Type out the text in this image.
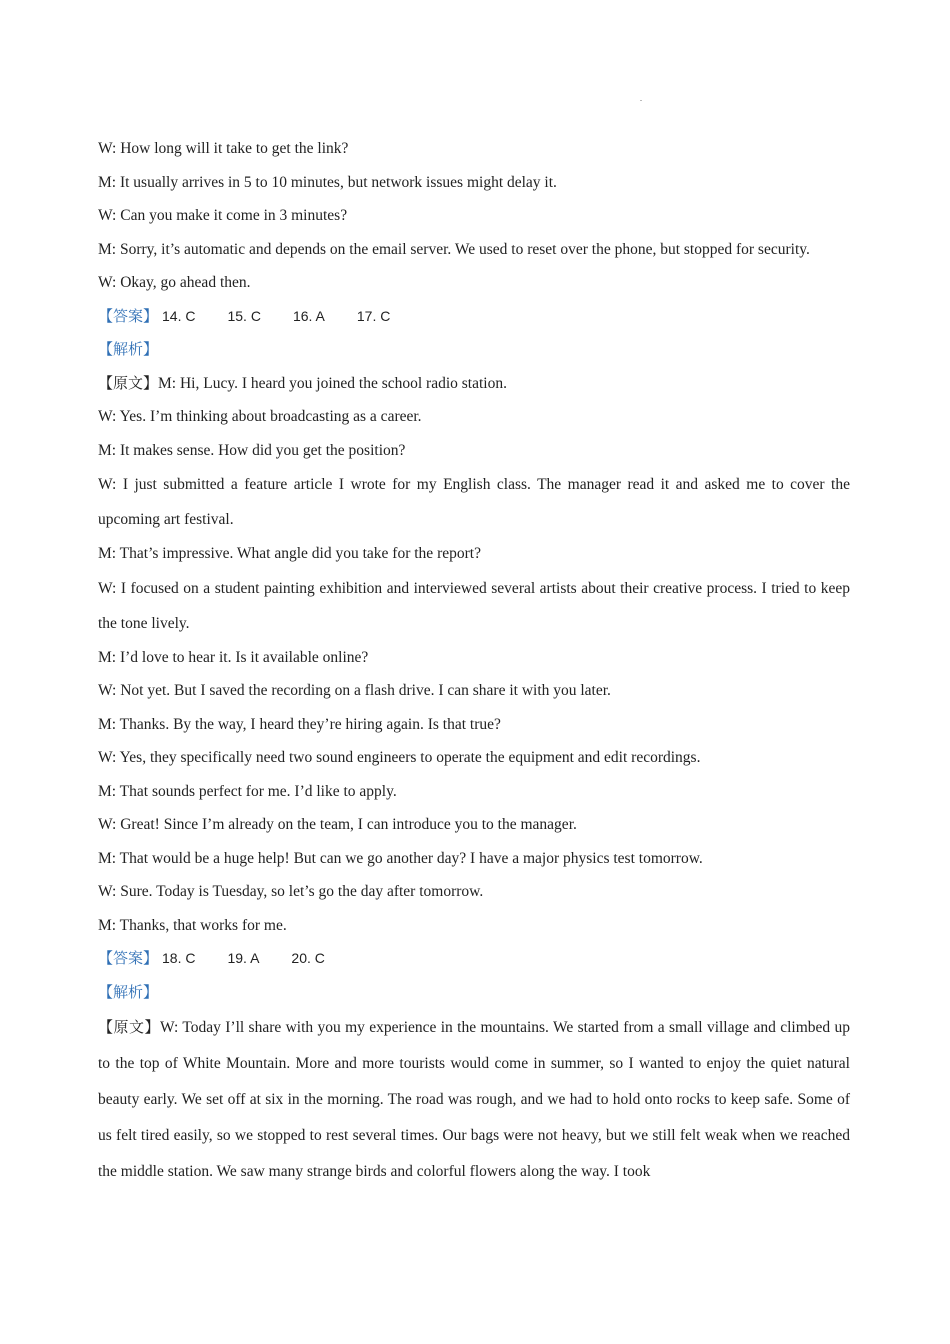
W: How long will it take to get the link?
M: It usually arrives in 5 to 10 minutes, but network issues might delay it.
W: Can you make it come in 3 minutes?
M: Sorry, it’s automatic and depends on the email server. We used to reset over the phone, but stopped for security.
W: Okay, go ahead then.
【答案】 14. C 15. C 16. A 17. C
【解析】
【原文】M: Hi, Lucy. I heard you joined the school radio station.
W: Yes. I’m thinking about broadcasting as a career.
M: It makes sense. How did you get the position?
W: I just submitted a feature article I wrote for my English class. The manager read it and asked me to cover the upcoming art festival.
M: That’s impressive. What angle did you take for the report?
W: I focused on a student painting exhibition and interviewed several artists about their creative process. I tried to keep the tone lively.
M: I’d love to hear it. Is it available online?
W: Not yet. But I saved the recording on a flash drive. I can share it with you later.
M: Thanks. By the way, I heard they’re hiring again. Is that true?
W: Yes, they specifically need two sound engineers to operate the equipment and edit recordings.
M: That sounds perfect for me. I’d like to apply.
W: Great! Since I’m already on the team, I can introduce you to the manager.
M: That would be a huge help! But can we go another day? I have a major physics test tomorrow.
W: Sure. Today is Tuesday, so let’s go the day after tomorrow.
M: Thanks, that works for me.
【答案】 18. C 19. A 20. C
【解析】
【原文】W: Today I’ll share with you my experience in the mountains. We started from a small village and climbed up to the top of White Mountain. More and more tourists would come in summer, so I wanted to enjoy the quiet natural beauty early. We set off at six in the morning. The road was rough, and we had to hold onto rocks to keep safe. Some of us felt tired easily, so we stopped to rest several times. Our bags were not heavy, but we still felt weak when we reached the middle station. We saw many strange birds and colorful flowers along the way. I took
